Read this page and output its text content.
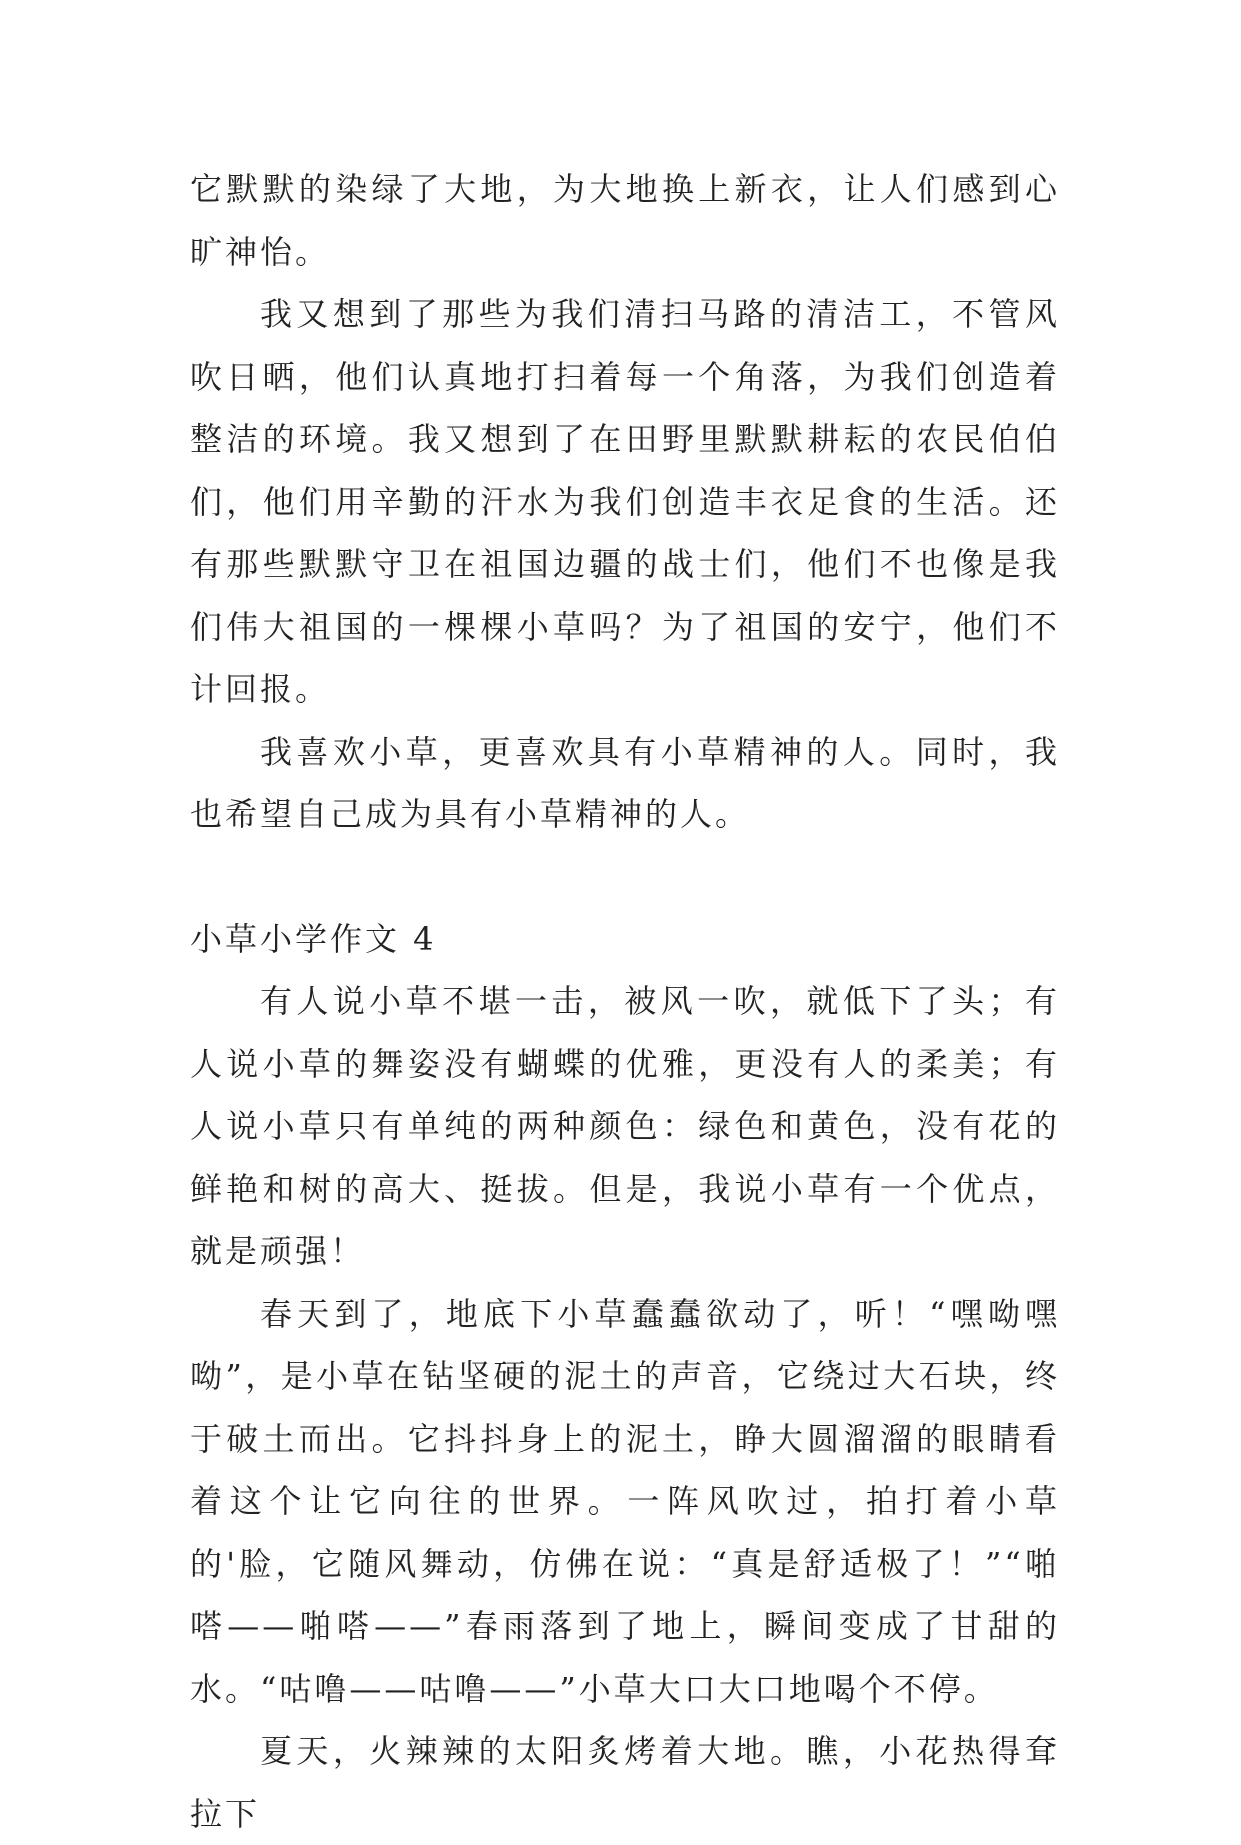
它默默的染绿了大地，为大地换上新衣，让人们感到心旷神怡。

我又想到了那些为我们清扫马路的清洁工，不管风吹日晒，他们认真地打扫着每一个角落，为我们创造着整洁的环境。我又想到了在田野里默默耕耘的农民伯伯们，他们用辛勤的汗水为我们创造丰衣足食的生活。还有那些默默守卫在祖国边疆的战士们，他们不也像是我们伟大祖国的一棵棵小草吗？为了祖国的安宁，他们不计回报。

我喜欢小草，更喜欢具有小草精神的人。同时，我也希望自己成为具有小草精神的人。

小草小学作文 4

有人说小草不堪一击，被风一吹，就低下了头；有人说小草的舞姿没有蝴蝶的优雅，更没有人的柔美；有人说小草只有单纯的两种颜色：绿色和黄色，没有花的鲜艳和树的高大、挺拔。但是，我说小草有一个优点，就是顽强！

春天到了，地底下小草蠢蠢欲动了，听！“嘿呦嘿呦”，是小草在钻坚硬的泥土的声音，它绕过大石块，终于破土而出。它抖抖身上的泥土，睁大圆溜溜的眼睛看着这个让它向往的世界。一阵风吹过，拍打着小草的'脸，它随风舞动，仿佛在说：“真是舒适极了！”“啪嗒——啪嗒——”春雨落到了地上，瞬间变成了甘甜的水。“咕噜——咕噜——”小草大口大口地喝个不停。

夏天，火辣辣的太阳炙烤着大地。瞧，小花热得耷拉下
